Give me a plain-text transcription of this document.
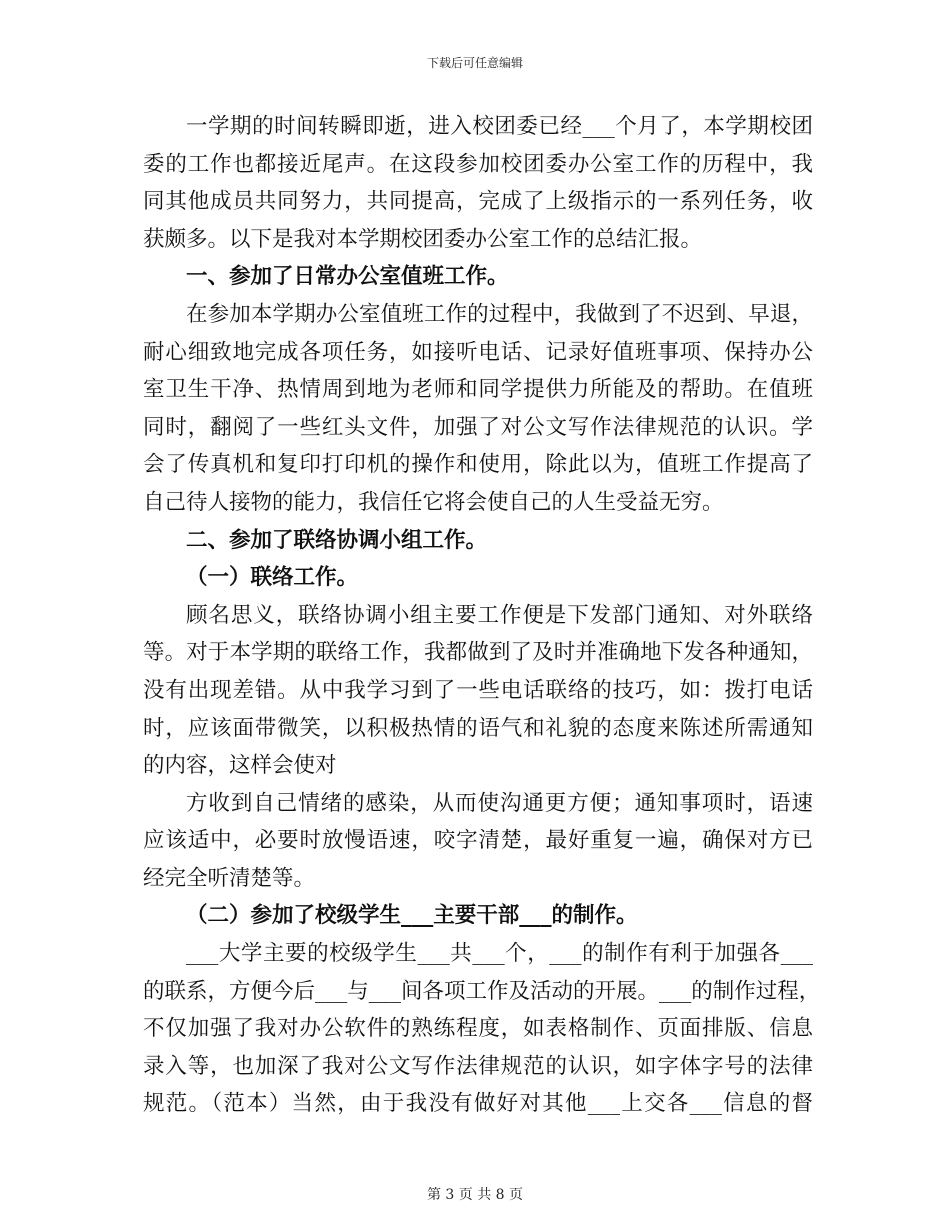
下载后可任意编辑
一学期的时间转瞬即逝，进入校团委已经___个月了，本学期校团
委的工作也都接近尾声。在这段参加校团委办公室工作的历程中，我
同其他成员共同努力，共同提高，完成了上级指示的一系列任务，收
获颇多。以下是我对本学期校团委办公室工作的总结汇报。
一、参加了日常办公室值班工作。
在参加本学期办公室值班工作的过程中，我做到了不迟到、早退，
耐心细致地完成各项任务，如接听电话、记录好值班事项、保持办公
室卫生干净、热情周到地为老师和同学提供力所能及的帮助。在值班
同时，翻阅了一些红头文件，加强了对公文写作法律规范的认识。学
会了传真机和复印打印机的操作和使用，除此以为，值班工作提高了
自己待人接物的能力，我信任它将会使自己的人生受益无穷。
二、参加了联络协调小组工作。
（一）联络工作。
顾名思义，联络协调小组主要工作便是下发部门通知、对外联络
等。对于本学期的联络工作，我都做到了及时并准确地下发各种通知，
没有出现差错。从中我学习到了一些电话联络的技巧，如：拨打电话
时，应该面带微笑，以积极热情的语气和礼貌的态度来陈述所需通知
的内容，这样会使对
方收到自己情绪的感染，从而使沟通更方便；通知事项时，语速
应该适中，必要时放慢语速，咬字清楚，最好重复一遍，确保对方已
经完全听清楚等。
（二）参加了校级学生___主要干部___的制作。
___大学主要的校级学生___共___个，___的制作有利于加强各___
的联系，方便今后___与___间各项工作及活动的开展。___的制作过程，
不仅加强了我对办公软件的熟练程度，如表格制作、页面排版、信息
录入等，也加深了我对公文写作法律规范的认识，如字体字号的法律
规范。（范本）当然，由于我没有做好对其他___上交各___信息的督
第 3 页 共 8 页
